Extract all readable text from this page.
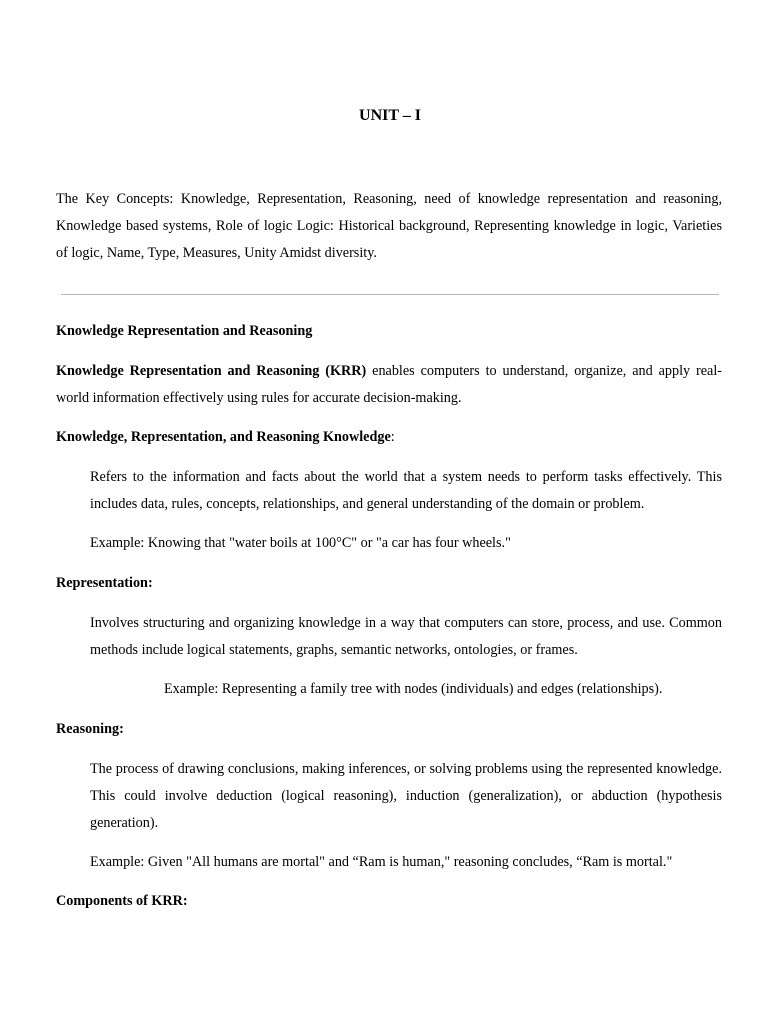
UNIT – I

The Key Concepts: Knowledge, Representation, Reasoning, need of knowledge representation and reasoning, Knowledge based systems, Role of logic Logic: Historical background, Representing knowledge in logic, Varieties of logic, Name, Type, Measures, Unity Amidst diversity.

Knowledge Representation and Reasoning

Knowledge Representation and Reasoning (KRR) enables computers to understand, organize, and apply real-world information effectively using rules for accurate decision-making.

Knowledge, Representation, and Reasoning Knowledge:

Refers to the information and facts about the world that a system needs to perform tasks effectively. This includes data, rules, concepts, relationships, and general understanding of the domain or problem.

Example: Knowing that "water boils at 100°C" or "a car has four wheels."

Representation:

Involves structuring and organizing knowledge in a way that computers can store, process, and use. Common methods include logical statements, graphs, semantic networks, ontologies, or frames.

Example: Representing a family tree with nodes (individuals) and edges (relationships).

Reasoning:

The process of drawing conclusions, making inferences, or solving problems using the represented knowledge. This could involve deduction (logical reasoning), induction (generalization), or abduction (hypothesis generation).

Example: Given "All humans are mortal" and “Ram is human," reasoning concludes, “Ram is mortal."

Components of KRR:
